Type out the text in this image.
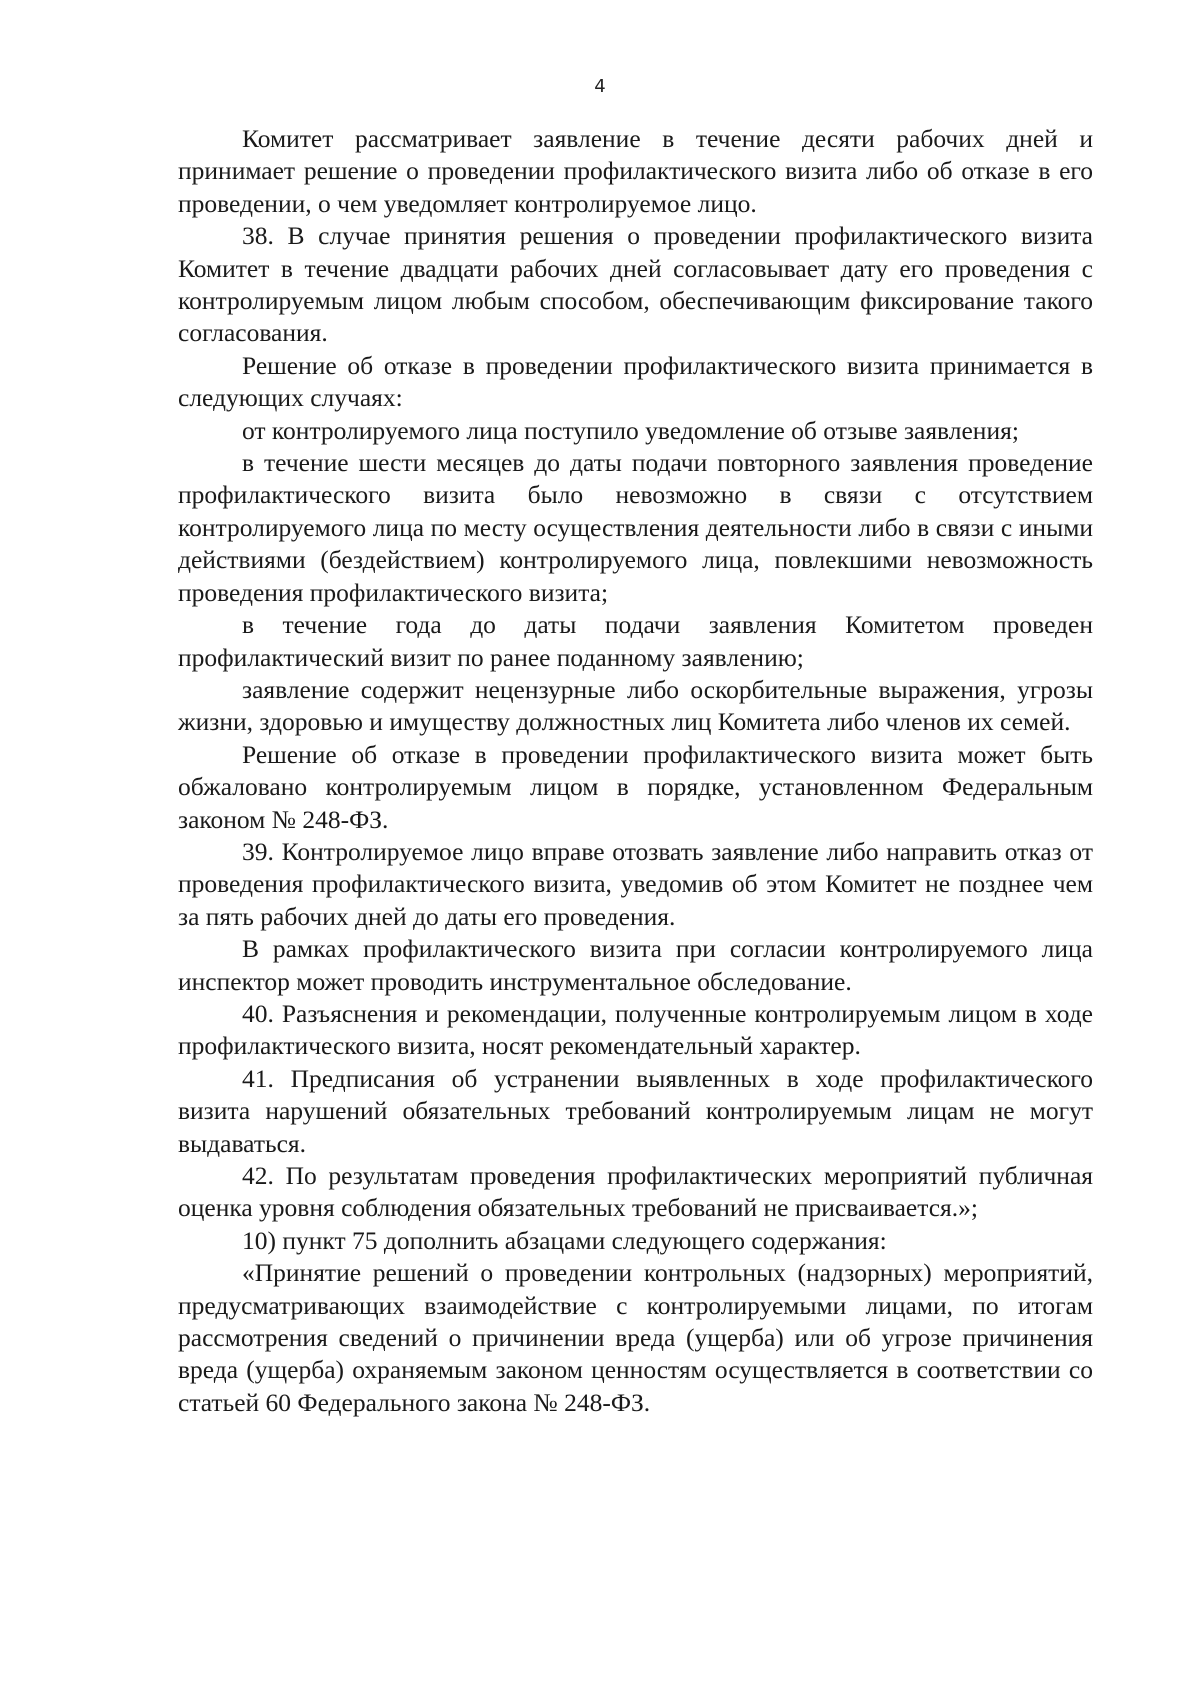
4

Комитет рассматривает заявление в течение десяти рабочих дней и принимает решение о проведении профилактического визита либо об отказе в его проведении, о чем уведомляет контролируемое лицо.

38. В случае принятия решения о проведении профилактического визита Комитет в течение двадцати рабочих дней согласовывает дату его проведения с контролируемым лицом любым способом, обеспечивающим фиксирование такого согласования.

Решение об отказе в проведении профилактического визита принимается в следующих случаях:

от контролируемого лица поступило уведомление об отзыве заявления;

в течение шести месяцев до даты подачи повторного заявления проведение профилактического визита было невозможно в связи с отсутствием контролируемого лица по месту осуществления деятельности либо в связи с иными действиями (бездействием) контролируемого лица, повлекшими невозможность проведения профилактического визита;

в течение года до даты подачи заявления Комитетом проведен профилактический визит по ранее поданному заявлению;

заявление содержит нецензурные либо оскорбительные выражения, угрозы жизни, здоровью и имуществу должностных лиц Комитета либо членов их семей.

Решение об отказе в проведении профилактического визита может быть обжаловано контролируемым лицом в порядке, установленном Федеральным законом № 248-ФЗ.

39. Контролируемое лицо вправе отозвать заявление либо направить отказ от проведения профилактического визита, уведомив об этом Комитет не позднее чем за пять рабочих дней до даты его проведения.

В рамках профилактического визита при согласии контролируемого лица инспектор может проводить инструментальное обследование.

40. Разъяснения и рекомендации, полученные контролируемым лицом в ходе профилактического визита, носят рекомендательный характер.

41. Предписания об устранении выявленных в ходе профилактического визита нарушений обязательных требований контролируемым лицам не могут выдаваться.

42. По результатам проведения профилактических мероприятий публичная оценка уровня соблюдения обязательных требований не присваивается.»;

10) пункт 75 дополнить абзацами следующего содержания:

«Принятие решений о проведении контрольных (надзорных) мероприятий, предусматривающих взаимодействие с контролируемыми лицами, по итогам рассмотрения сведений о причинении вреда (ущерба) или об угрозе причинения вреда (ущерба) охраняемым законом ценностям осуществляется в соответствии со статьей 60 Федерального закона № 248-ФЗ.
